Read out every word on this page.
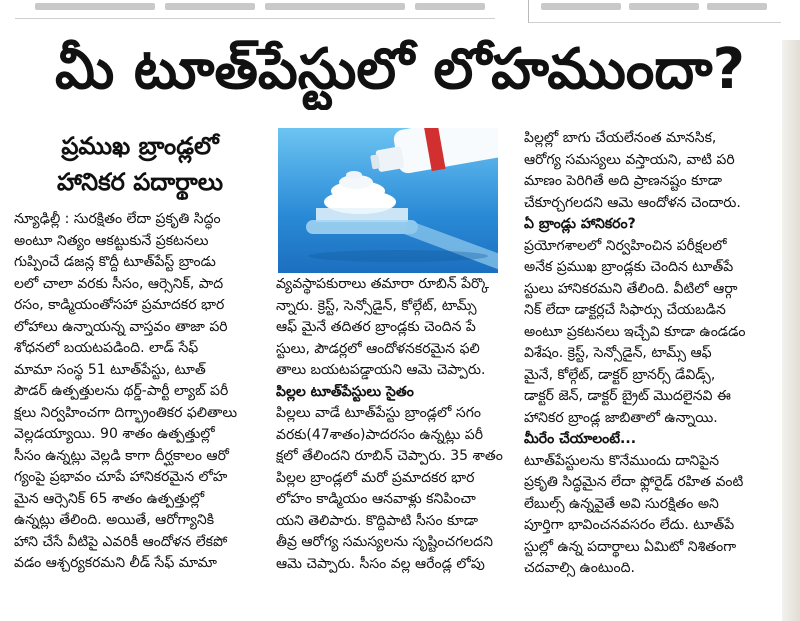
మీ టూత్‌పేస్టులో లోహముందా?
ప్రముఖ బ్రాండ్లలో
హానికర పదార్థాలు
న్యూఢిల్లీ : సురక్షితం లేదా ప్రకృతి సిద్ధం
అంటూ నిత్యం ఆకట్టుకునే ప్రకటనలు
గుప్పించే డజన్ల కొద్దీ టూత్‌పేస్ట్ బ్రాండు
లలో చాలా వరకు సీసం, ఆర్సెనిక్, పాద
రసం, కాడ్మియంతోసహా ప్రమాదకర భార
లోహాలు ఉన్నాయన్న వాస్తవం తాజా పరి
శోధనలో బయటపడింది. లాడ్ సేఫ్
మామా సంస్థ 51 టూత్‌పేస్టు, టూత్
పౌడర్ ఉత్పత్తులను థర్డ్-పార్టీ ల్యాబ్ పరీ
క్షలు నిర్వహించగా దిగ్భ్రాంతికర ఫలితాలు
వెల్లడయ్యాయి. 90 శాతం ఉత్పత్తుల్లో
సీసం ఉన్నట్లు వెల్లడి కాగా దీర్ఘకాలం ఆరో
గ్యంపై ప్రభావం చూపే హానికరమైన లోహ
మైన ఆర్సెనిక్ 65 శాతం ఉత్పత్తుల్లో
ఉన్నట్లు తేలింది. అయితే, ఆరోగ్యానికి
హాని చేసే వీటిపై ఎవరికీ ఆందోళన లేకపో
వడం ఆశ్చర్యకరమని లీడ్ సేఫ్ మామా
వ్యవస్థాపకురాలు తమారా రూబిన్ పేర్కొ
న్నారు. క్రెస్ట్, సెన్సోడైన్, కోల్గేట్, టామ్స్
ఆఫ్ మైనే తదితర బ్రాండ్లకు చెందిన పే
స్టులు, పౌడర్లలో ఆందోళనకరమైన ఫలి
తాలు బయటపడ్డాయని ఆమె చెప్పారు.
పిల్లల టూత్‌పేస్టులు సైతం
పిల్లలు వాడే టూత్‌పేస్టు బ్రాండ్లలో సగం
వరకు(47శాతం)పాదరసం ఉన్నట్లు పరీ
క్షలో తేలిందని రూబిన్ చెప్పారు. 35 శాతం
పిల్లల బ్రాండ్లలో మరో ప్రమాదకర భార
లోహం కాడ్మియం ఆనవాళ్లు కనిపించా
యని తెలిపారు. కొద్దిపాటి సీసం కూడా
తీవ్ర ఆరోగ్య సమస్యలను సృష్టించగలదని
ఆమె చెప్పారు. సీసం వల్ల ఆరేండ్ల లోపు
పిల్లల్లో బాగు చేయలేనంత మానసిక,
ఆరోగ్య సమస్యలు వస్తాయని, వాటి పరి
మాణం పెరిగితే అది ప్రాణనష్టం కూడా
చేకూర్చగలదని ఆమె ఆందోళన చెందారు.
ఏ బ్రాండ్లు హానికరం?
ప్రయోగశాలలో నిర్వహించిన పరీక్షలలో
అనేక ప్రముఖ బ్రాండ్లకు చెందిన టూత్‌పే
స్టులు హానికరమని తేలింది. వీటిలో ఆర్గా
నిక్ లేదా డాక్టర్లచే సిఫార్సు చేయబడిన
అంటూ ప్రకటనలు ఇచ్చేవి కూడా ఉండడం
విశేషం. క్రెస్ట్, సెన్సోడైన్, టామ్స్ ఆఫ్
మైనే, కోల్గేట్, డాక్టర్ బ్రానర్స్ డేవిడ్స్,
డాక్టర్ జెన్, డాక్టర్ బ్రైట్ మొదలైనవి ఈ
హానికర బ్రాండ్ల జాబితాలో ఉన్నాయి.
మీరేం చేయాలంటే...
టూత్‌పేస్టులను కొనేముందు దానిపైన
ప్రకృతి సిద్ధమైన లేదా ఫ్లోరైడ్ రహిత వంటి
లేబుల్స్ ఉన్నవైతే అవి సురక్షితం అని
పూర్తిగా భావించనవసరం లేదు. టూత్‌పే
స్టుల్లో ఉన్న పదార్థాలు ఏమిటో నిశితంగా
చదవాల్సి ఉంటుంది.
